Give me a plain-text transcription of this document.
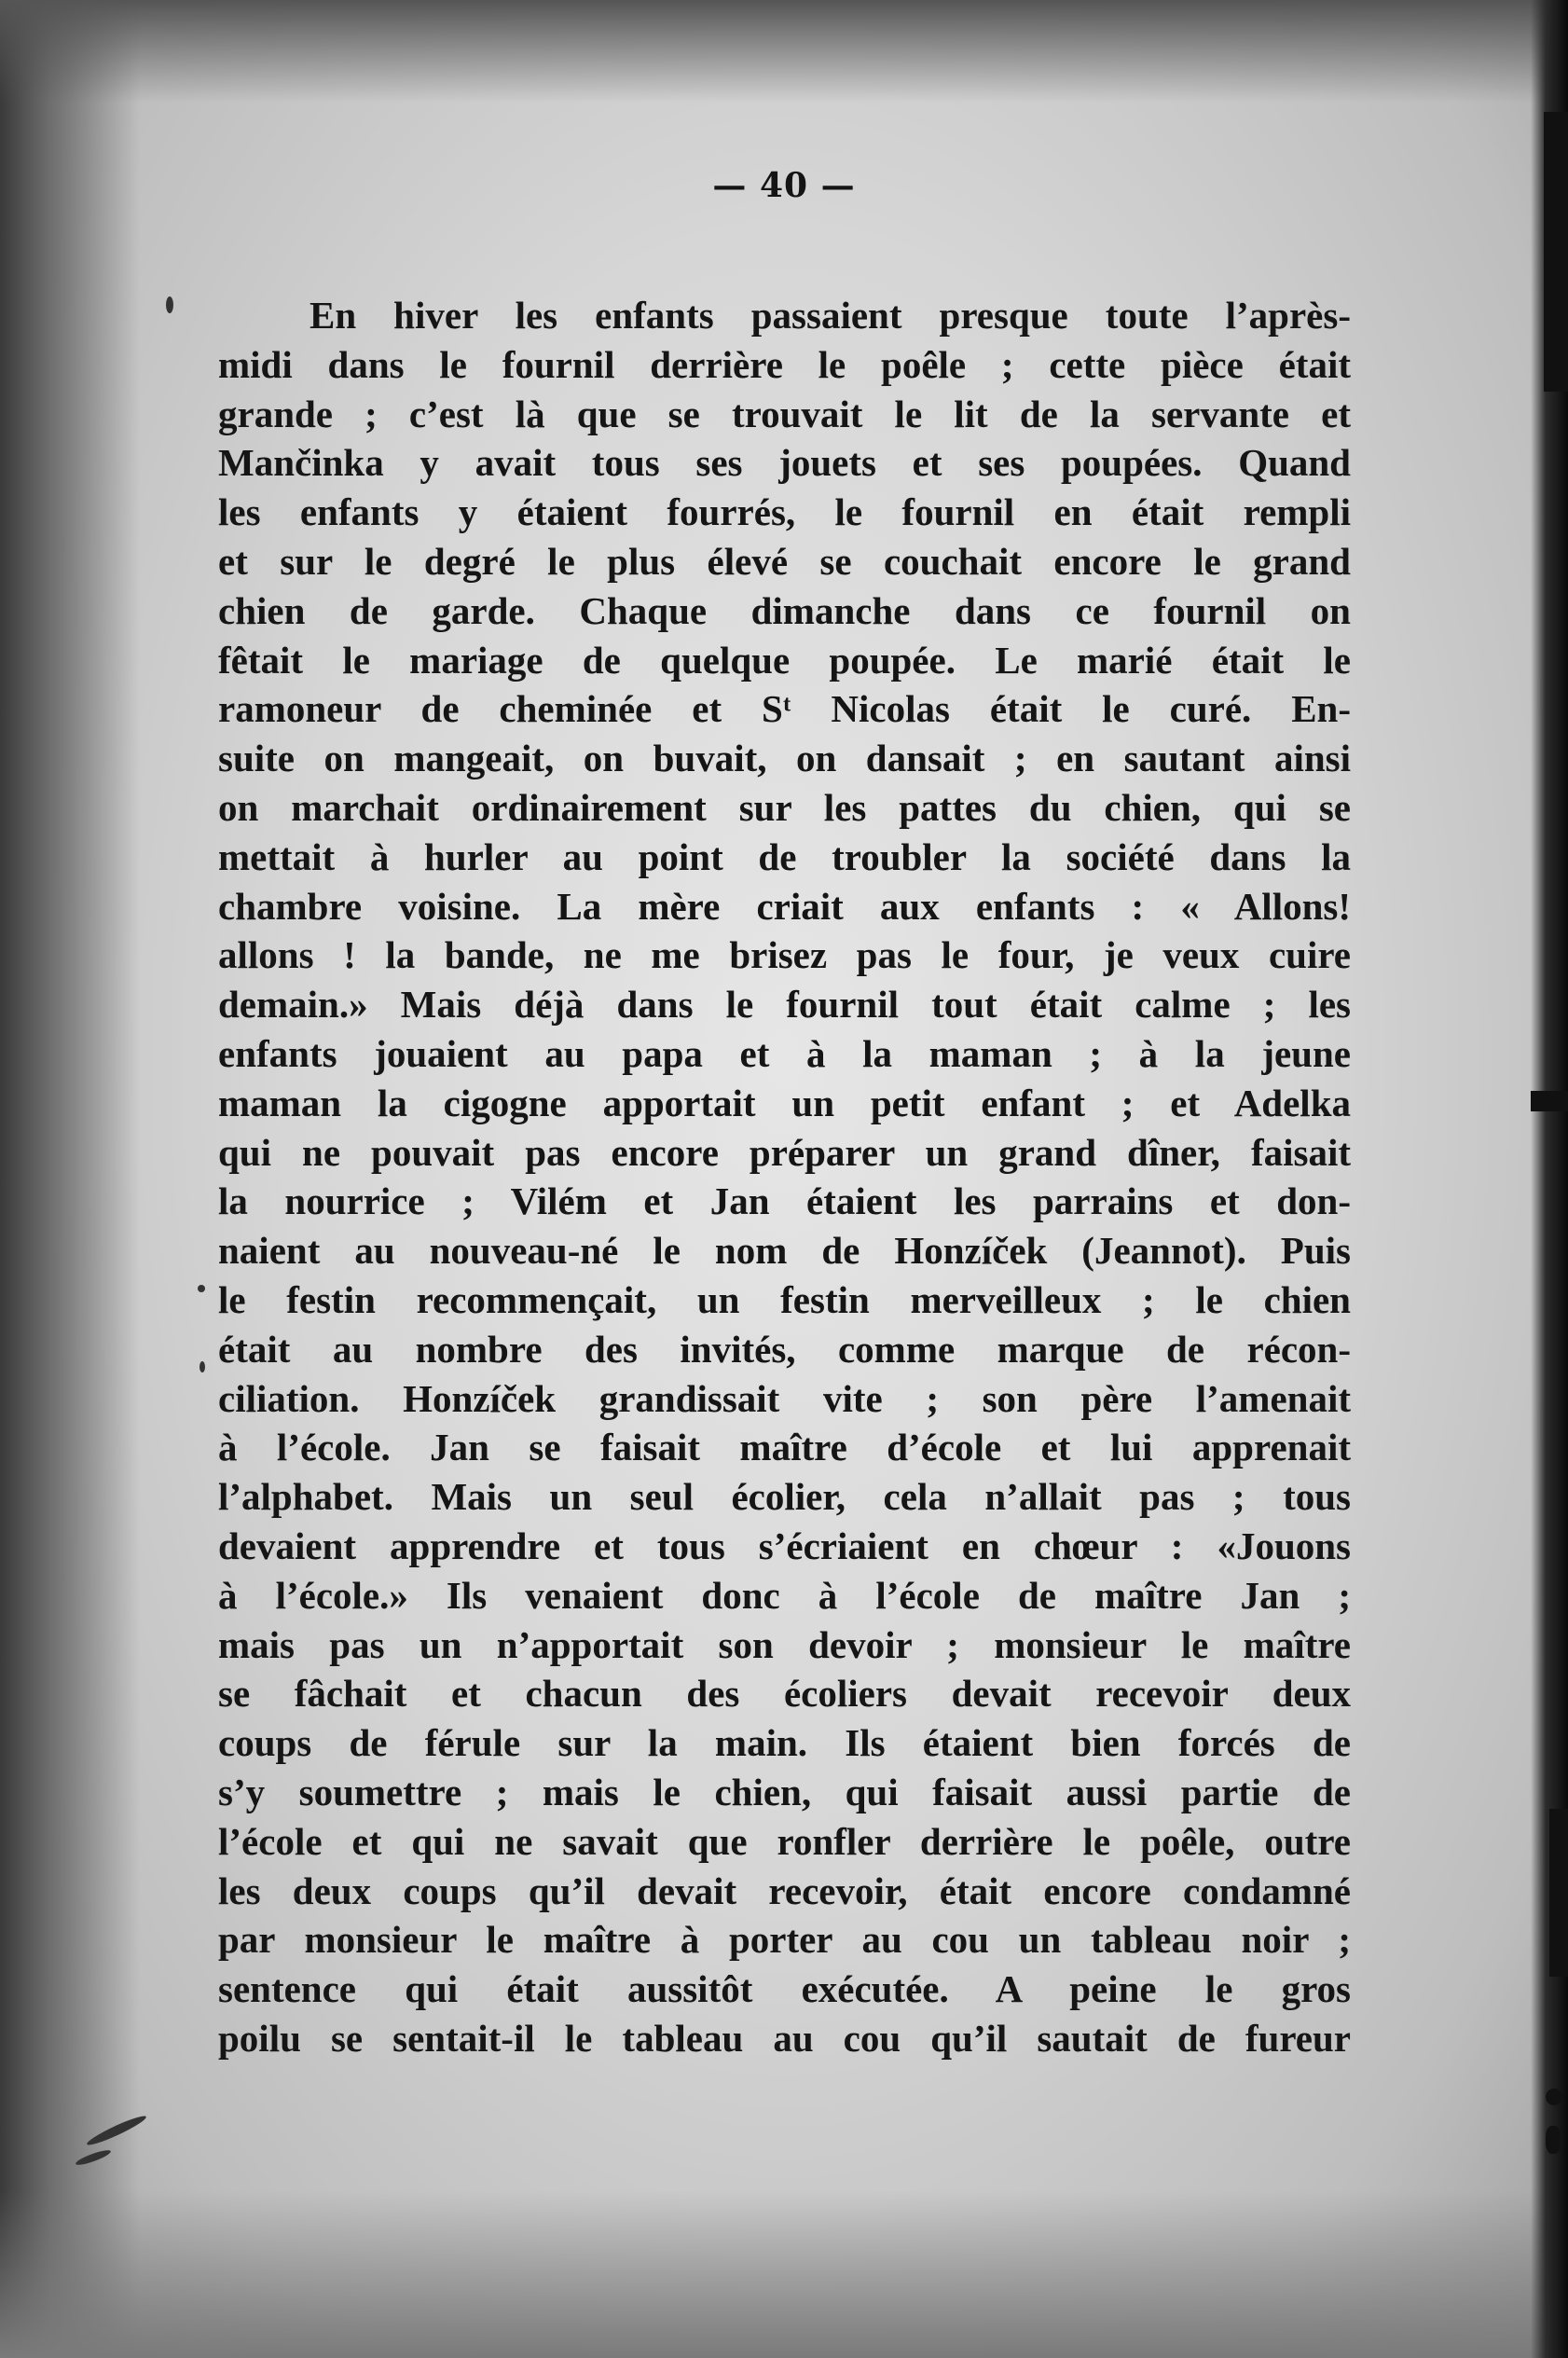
— 40 —
En hiver les enfants passaient presque toute l’après-
midi dans le fournil derrière le poêle ; cette pièce était
grande ; c’est là que se trouvait le lit de la servante et
Mančinka y avait tous ses jouets et ses poupées. Quand
les enfants y étaient fourrés, le fournil en était rempli
et sur le degré le plus élevé se couchait encore le grand
chien de garde. Chaque dimanche dans ce fournil on
fêtait le mariage de quelque poupée. Le marié était le
ramoneur de cheminée et Sᵗ Nicolas était le curé. En-
suite on mangeait, on buvait, on dansait ; en sautant ainsi
on marchait ordinairement sur les pattes du chien, qui se
mettait à hurler au point de troubler la société dans la
chambre voisine. La mère criait aux enfants : « Allons!
allons ! la bande, ne me brisez pas le four, je veux cuire
demain.» Mais déjà dans le fournil tout était calme ; les
enfants jouaient au papa et à la maman ; à la jeune
maman la cigogne apportait un petit enfant ; et Adelka
qui ne pouvait pas encore préparer un grand dîner, faisait
la nourrice ; Vilém et Jan étaient les parrains et don-
naient au nouveau-né le nom de Honzíček (Jeannot). Puis
le festin recommençait, un festin merveilleux ; le chien
était au nombre des invités, comme marque de récon-
ciliation. Honzíček grandissait vite ; son père l’amenait
à l’école. Jan se faisait maître d’école et lui apprenait
l’alphabet. Mais un seul écolier, cela n’allait pas ; tous
devaient apprendre et tous s’écriaient en chœur : «Jouons
à l’école.» Ils venaient donc à l’école de maître Jan ;
mais pas un n’apportait son devoir ; monsieur le maître
se fâchait et chacun des écoliers devait recevoir deux
coups de férule sur la main. Ils étaient bien forcés de
s’y soumettre ; mais le chien, qui faisait aussi partie de
l’école et qui ne savait que ronfler derrière le poêle, outre
les deux coups qu’il devait recevoir, était encore condamné
par monsieur le maître à porter au cou un tableau noir ;
sentence qui était aussitôt exécutée. A peine le gros
poilu se sentait-il le tableau au cou qu’il sautait de fureur
